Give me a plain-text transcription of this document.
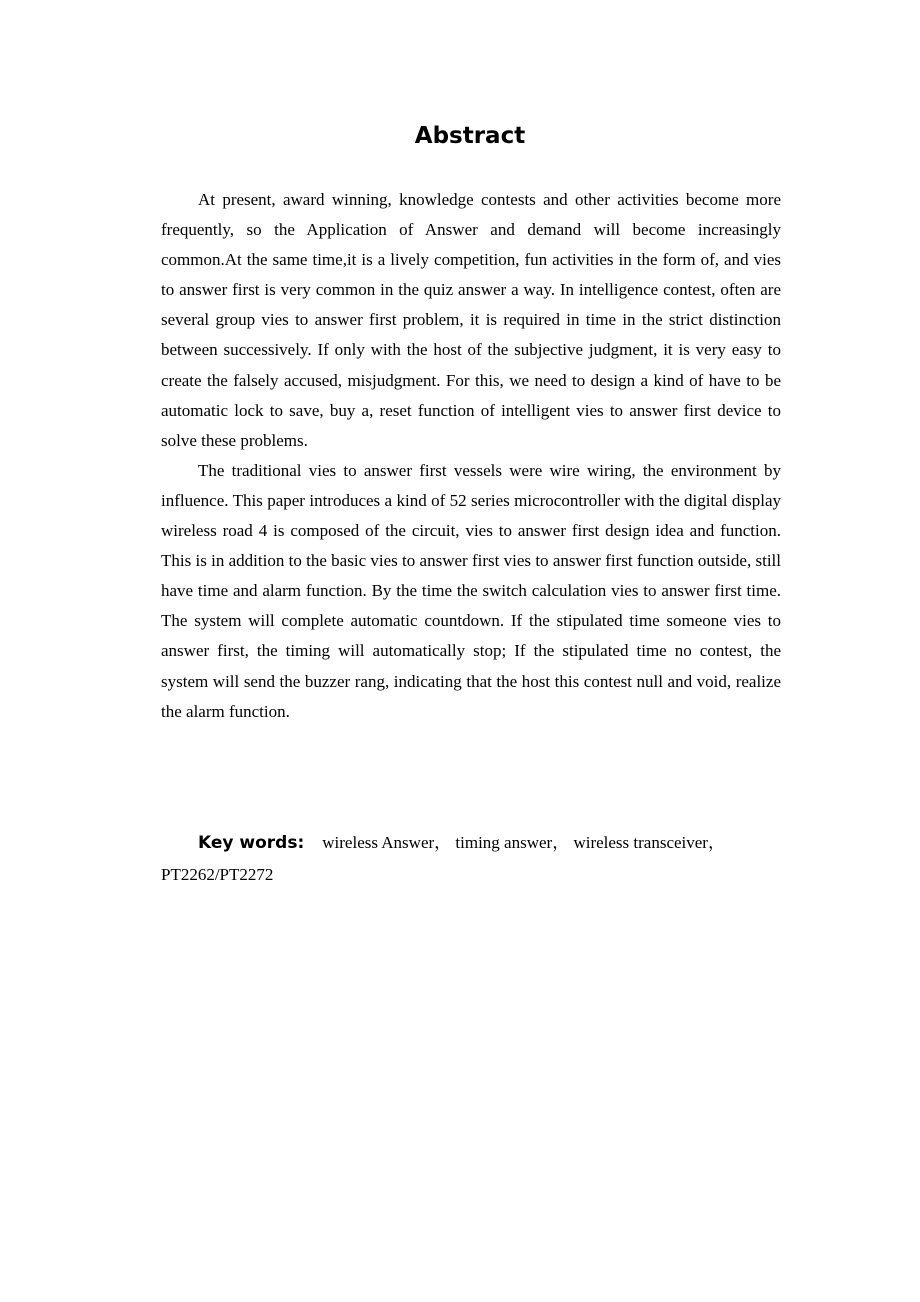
Abstract

At present, award winning, knowledge contests and other activities become more frequently, so the Application of Answer and demand will become increasingly common.At the same time,it is a lively competition, fun activities in the form of, and vies to answer first is very common in the quiz answer a way. In intelligence contest, often are several group vies to answer first problem, it is required in time in the strict distinction between successively. If only with the host of the subjective judgment, it is very easy to create the falsely accused, misjudgment. For this, we need to design a kind of have to be automatic lock to save, buy a, reset function of intelligent vies to answer first device to solve these problems.

The traditional vies to answer first vessels were wire wiring, the environment by influence. This paper introduces a kind of 52 series microcontroller with the digital display wireless road 4 is composed of the circuit, vies to answer first design idea and function. This is in addition to the basic vies to answer first vies to answer first function outside, still have time and alarm function. By the time the switch calculation vies to answer first time. The system will complete automatic countdown. If the stipulated time someone vies to answer first, the timing will automatically stop; If the stipulated time no contest, the system will send the buzzer rang, indicating that the host this contest null and void, realize the alarm function.

Key words: wireless Answer， timing answer， wireless transceiver， PT2262/PT2272
